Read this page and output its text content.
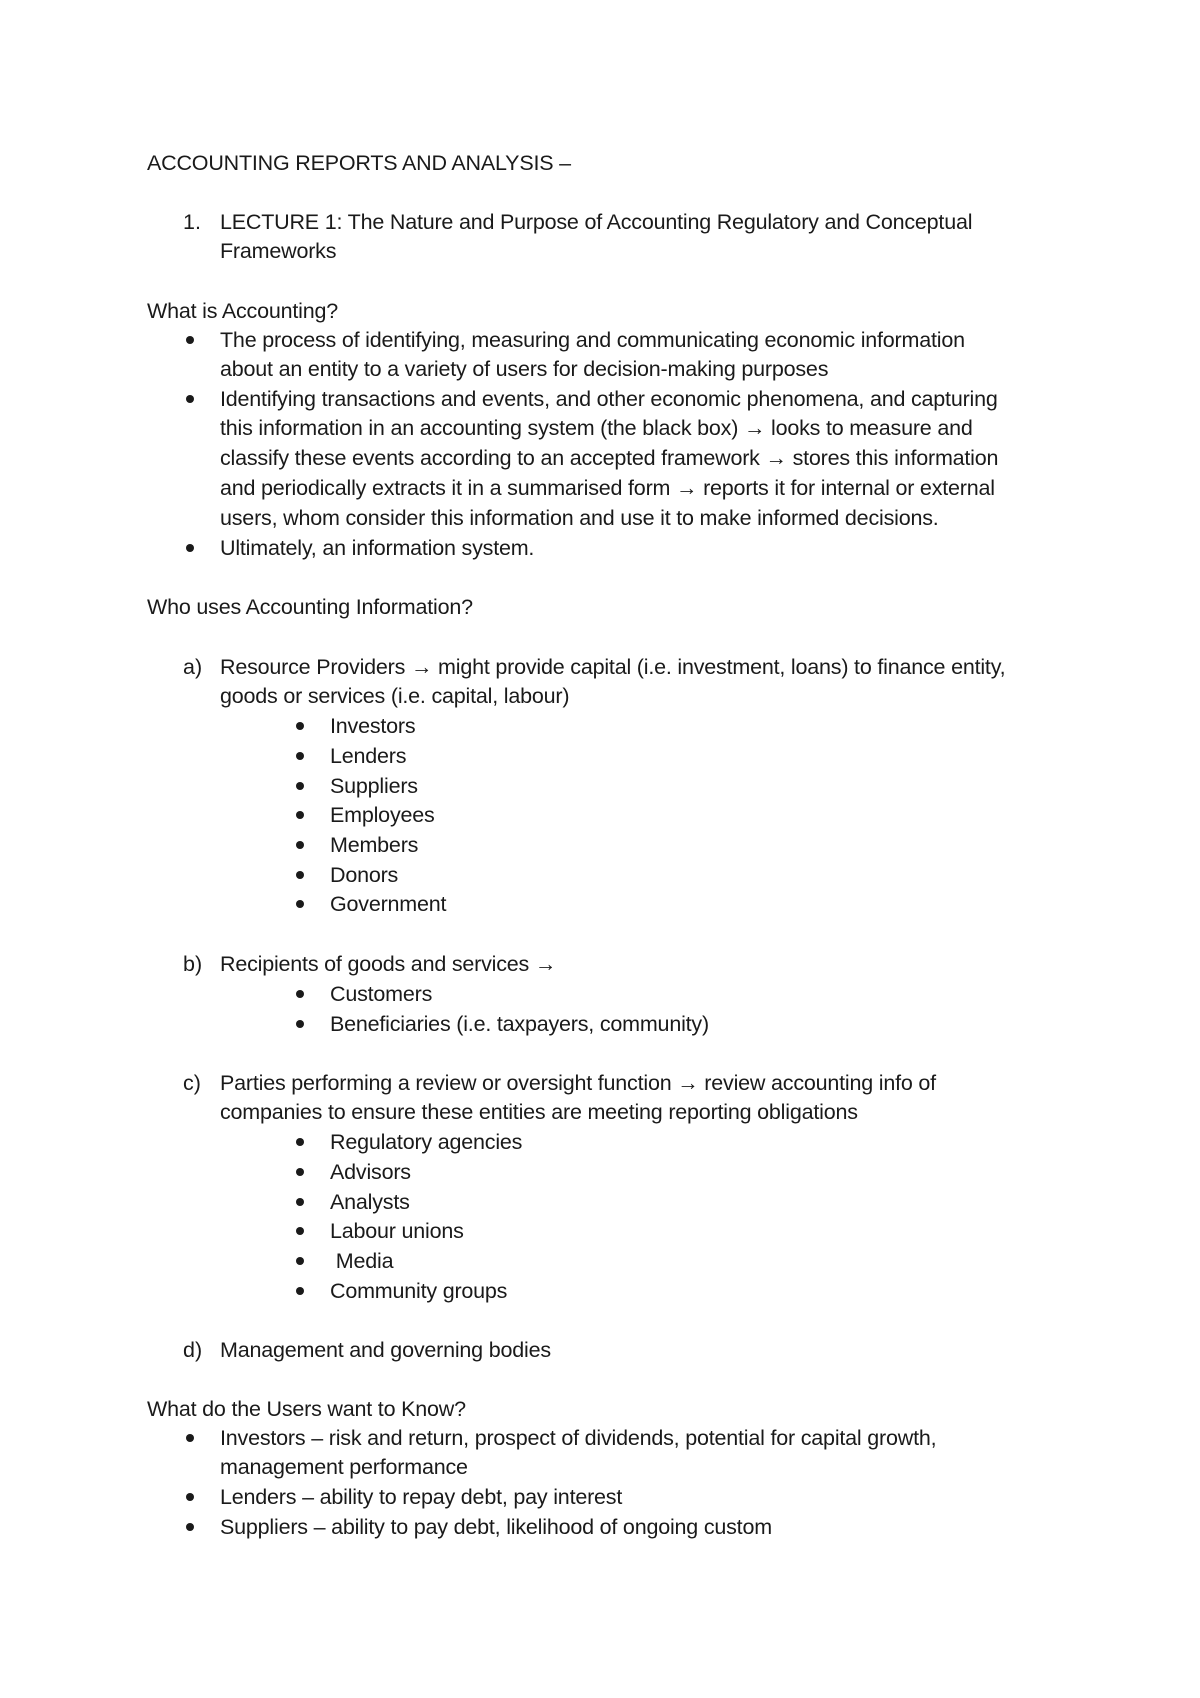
ACCOUNTING REPORTS AND ANALYSIS –
1. LECTURE 1: The Nature and Purpose of Accounting Regulatory and Conceptual
Frameworks
What is Accounting?
The process of identifying, measuring and communicating economic information
about an entity to a variety of users for decision-making purposes
Identifying transactions and events, and other economic phenomena, and capturing
this information in an accounting system (the black box) → looks to measure and
classify these events according to an accepted framework → stores this information
and periodically extracts it in a summarised form → reports it for internal or external
users, whom consider this information and use it to make informed decisions.
Ultimately, an information system.
Who uses Accounting Information?
a) Resource Providers → might provide capital (i.e. investment, loans) to finance entity,
goods or services (i.e. capital, labour)
Investors
Lenders
Suppliers
Employees
Members
Donors
Government
b) Recipients of goods and services →
Customers
Beneficiaries (i.e. taxpayers, community)
c) Parties performing a review or oversight function → review accounting info of
companies to ensure these entities are meeting reporting obligations
Regulatory agencies
Advisors
Analysts
Labour unions
Media
Community groups
d) Management and governing bodies
What do the Users want to Know?
Investors – risk and return, prospect of dividends, potential for capital growth,
management performance
Lenders – ability to repay debt, pay interest
Suppliers – ability to pay debt, likelihood of ongoing custom
